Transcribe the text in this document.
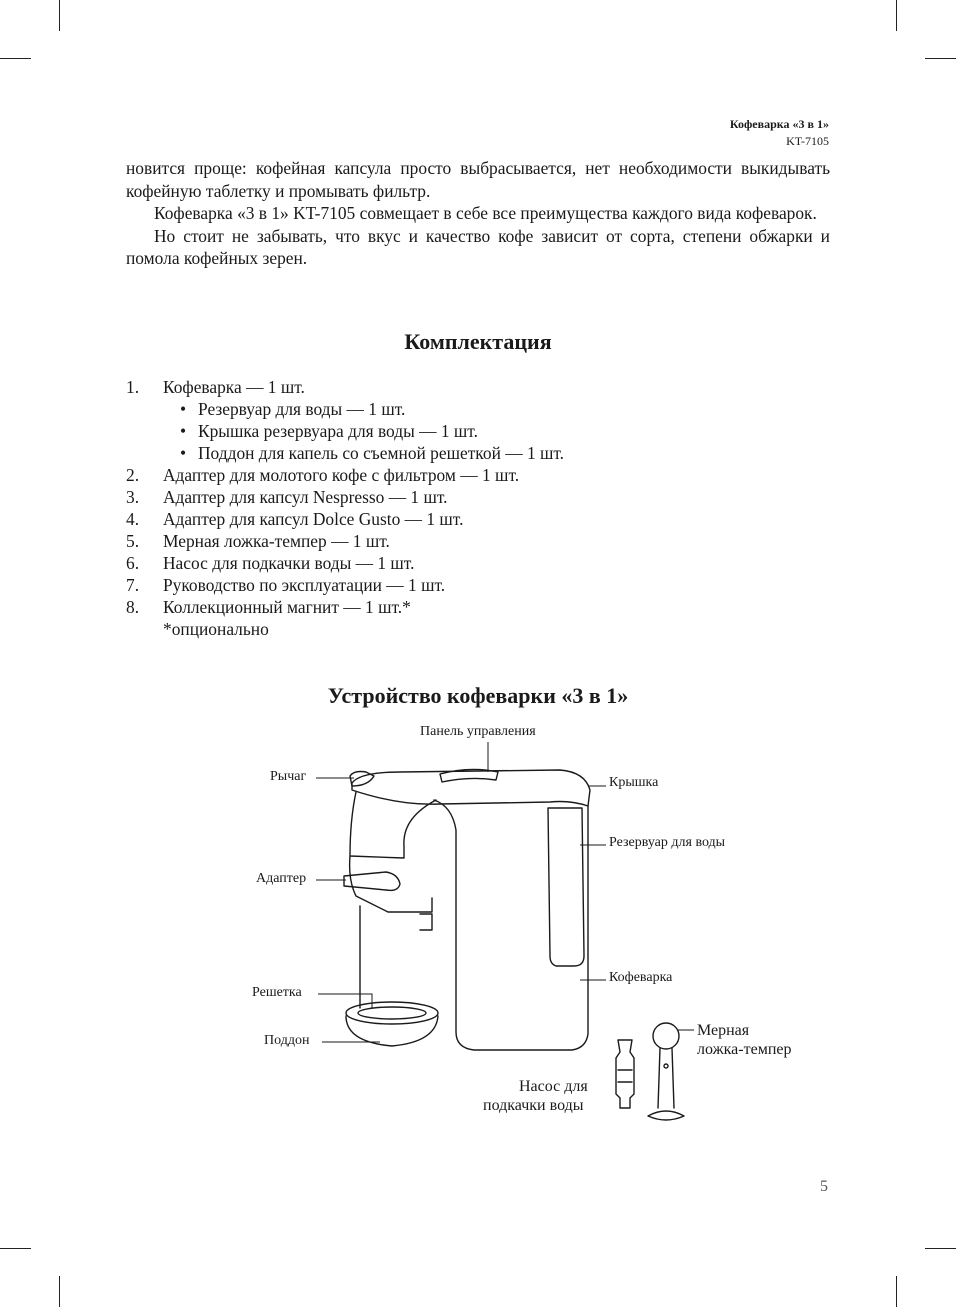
Кофеварка «3 в 1»
KT-7105

новится проще: кофейная капсула просто выбрасывается, нет необходимости выкидывать кофейную таблетку и промывать фильтр.

Кофеварка «3 в 1» KT-7105 совмещает в себе все преимущества каждого вида кофеварок.

Но стоит не забывать, что вкус и качество кофе зависит от сорта, степени обжарки и помола кофейных зерен.

Комплектация
1. Кофеварка — 1 шт.
• Резервуар для воды — 1 шт.
• Крышка резервуара для воды — 1 шт.
• Поддон для капель со съемной решеткой — 1 шт.
2. Адаптер для молотого кофе с фильтром — 1 шт.
3. Адаптер для капсул Nespresso — 1 шт.
4. Адаптер для капсул Dolce Gusto — 1 шт.
5. Мерная ложка-темпер — 1 шт.
6. Насос для подкачки воды — 1 шт.
7. Руководство по эксплуатации — 1 шт.
8. Коллекционный магнит — 1 шт.*
*опционально
Устройство кофеварки «3 в 1»
Панель управления
Рычаг	Крышка
Резервуар для воды
Адаптер
Кофеварка
Решетка
Поддон
Мерная
ложка-темпер
Насос для
подкачки воды
5
